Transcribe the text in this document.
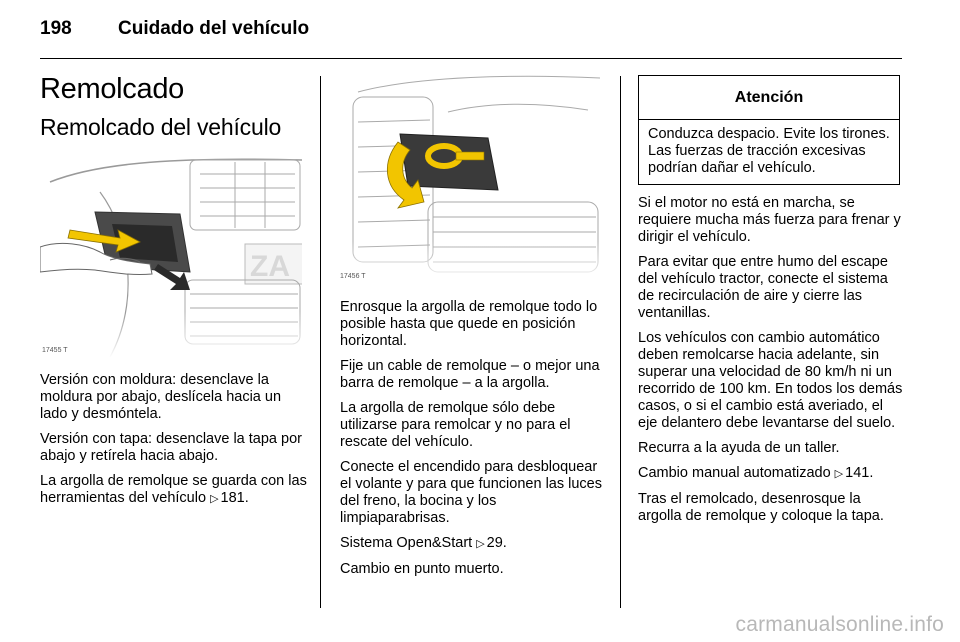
198 Cuidado del vehículo
Remolcado
Remolcado del vehículo
ZA
17455 T
17456 T

Versión con moldura: desenclave la moldura por abajo, deslícela hacia un lado y desmóntela.

Versión con tapa: desenclave la tapa por abajo y retírela hacia abajo.

La argolla de remolque se guarda con las herramientas del vehículo ▷ 181.

Enrosque la argolla de remolque todo lo posible hasta que quede en posición horizontal.

Fije un cable de remolque – o mejor una barra de remolque – a la argolla.

La argolla de remolque sólo debe utilizarse para remolcar y no para el rescate del vehículo.

Conecte el encendido para desbloquear el volante y para que funcionen las luces del freno, la bocina y los limpiaparabrisas.

Sistema Open&Start ▷ 29.

Cambio en punto muerto.

Atención
Conduzca despacio. Evite los tirones. Las fuerzas de tracción excesivas podrían dañar el vehículo.

Si el motor no está en marcha, se requiere mucha más fuerza para frenar y dirigir el vehículo.

Para evitar que entre humo del escape del vehículo tractor, conecte el sistema de recirculación de aire y cierre las ventanillas.

Los vehículos con cambio automático deben remolcarse hacia adelante, sin superar una velocidad de 80 km/h ni un recorrido de 100 km. En todos los demás casos, o si el cambio está averiado, el eje delantero debe levantarse del suelo.

Recurra a la ayuda de un taller.

Cambio manual automatizado ▷ 141.

Tras el remolcado, desenrosque la argolla de remolque y coloque la tapa.

carmanualsonline.info
